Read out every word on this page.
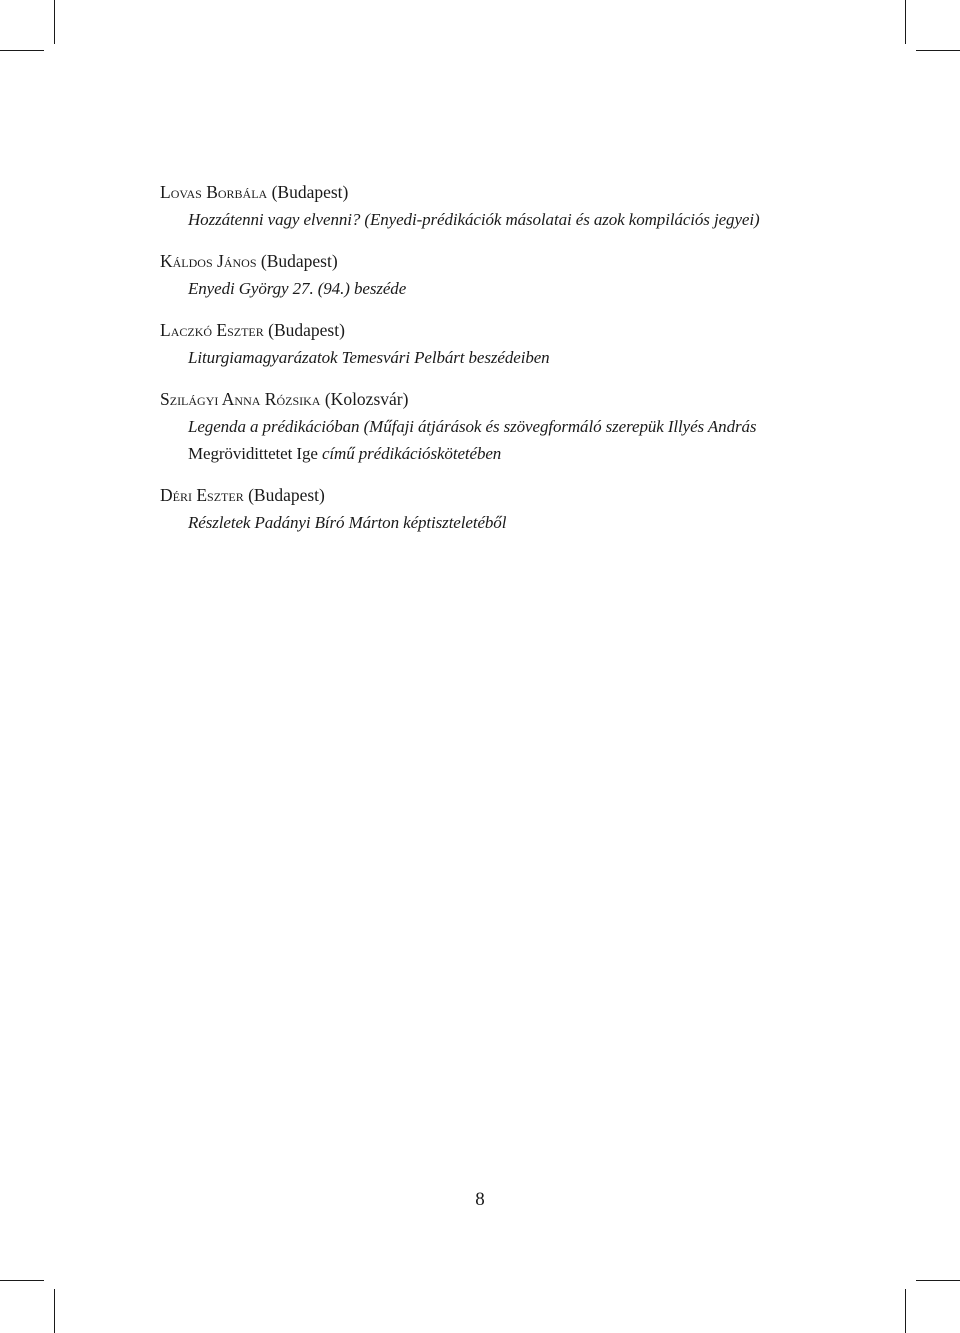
Lovas Borbála (Budapest)
Hozzátenni vagy elvenni? (Enyedi-prédikációk másolatai és azok kompilációs jegyei)
Káldos János (Budapest)
Enyedi György 27. (94.) beszéde
Laczkó Eszter (Budapest)
Liturgiamagyarázatok Temesvári Pelbárt beszédeiben
Szilágyi Anna Rózsika (Kolozsvár)
Legenda a prédikációban (Műfaji átjárások és szövegformáló szerepük Illyés András
Megrövidittetet Ige című prédikációskötetében
Déri Eszter (Budapest)
Részletek Padányi Bíró Márton képtiszteletéből
8
